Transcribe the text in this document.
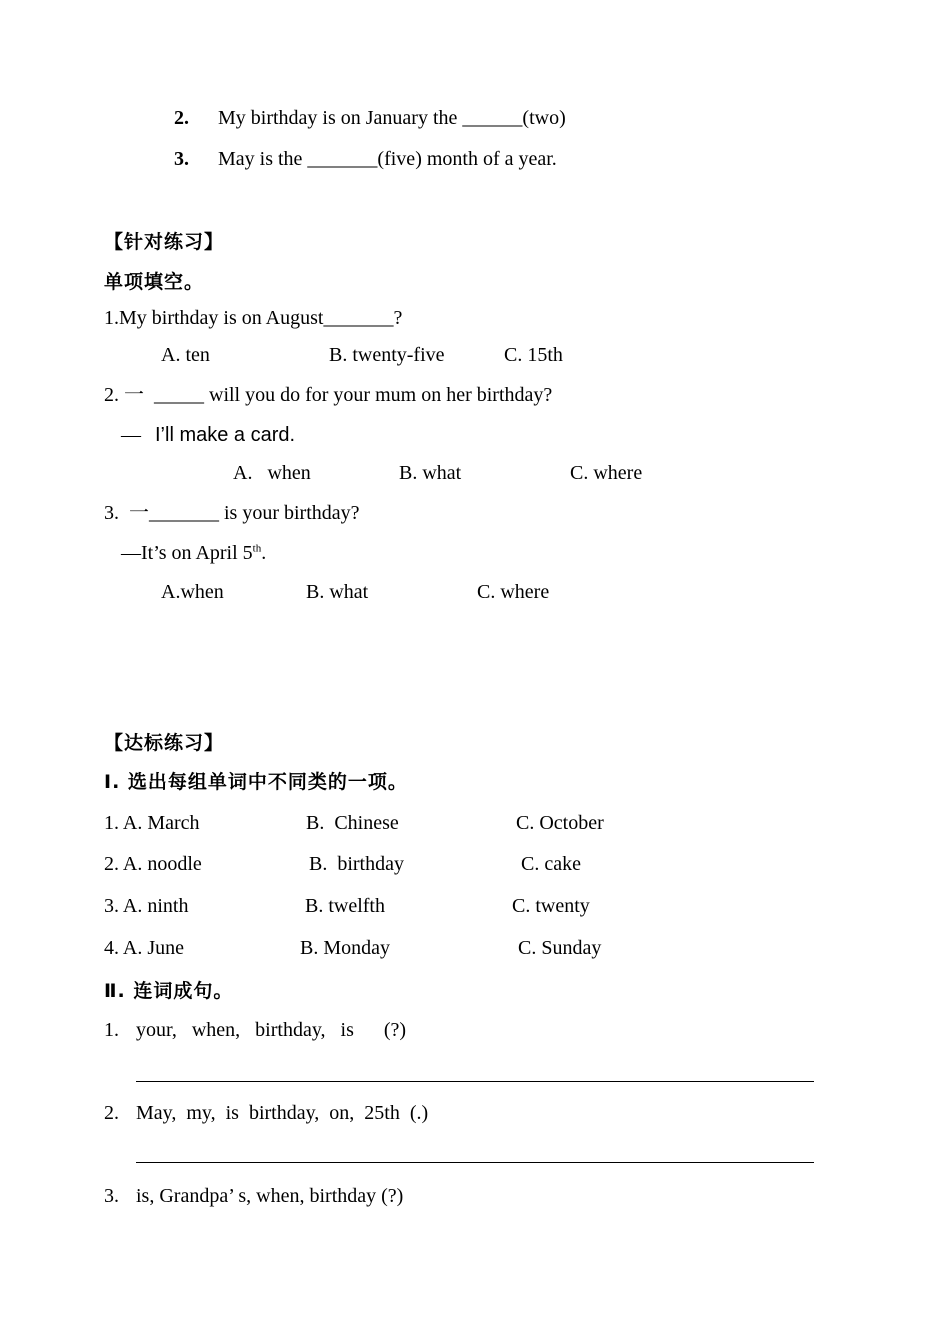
2. My birthday is on January the ______(two)
3. May is the _______(five) month of a year.
【针对练习】
单项填空。
1.My birthday is on August_______?
A. ten	B. twenty-five	C. 15th
2. 一  _____ will you do for your mum on her birthday?
— I’ll make a card.
A.   when	B. what	C. where
3.  一_______ is your birthday?
—It’s on April 5th.
A.when	B. what	C. where
【达标练习】
Ⅰ. 选出每组单词中不同类的一项。
1. A. March	B.  Chinese	C. October
2. A. noodle	B.  birthday	C. cake
3. A. ninth	B. twelfth	C. twenty
4. A. June	B. Monday	C. Sunday
Ⅱ. 连词成句。
1. your,   when,   birthday,   is      (?)
2. May,  my,  is  birthday,  on,  25th  (.)
3. is, Grandpa’ s, when, birthday (?)
